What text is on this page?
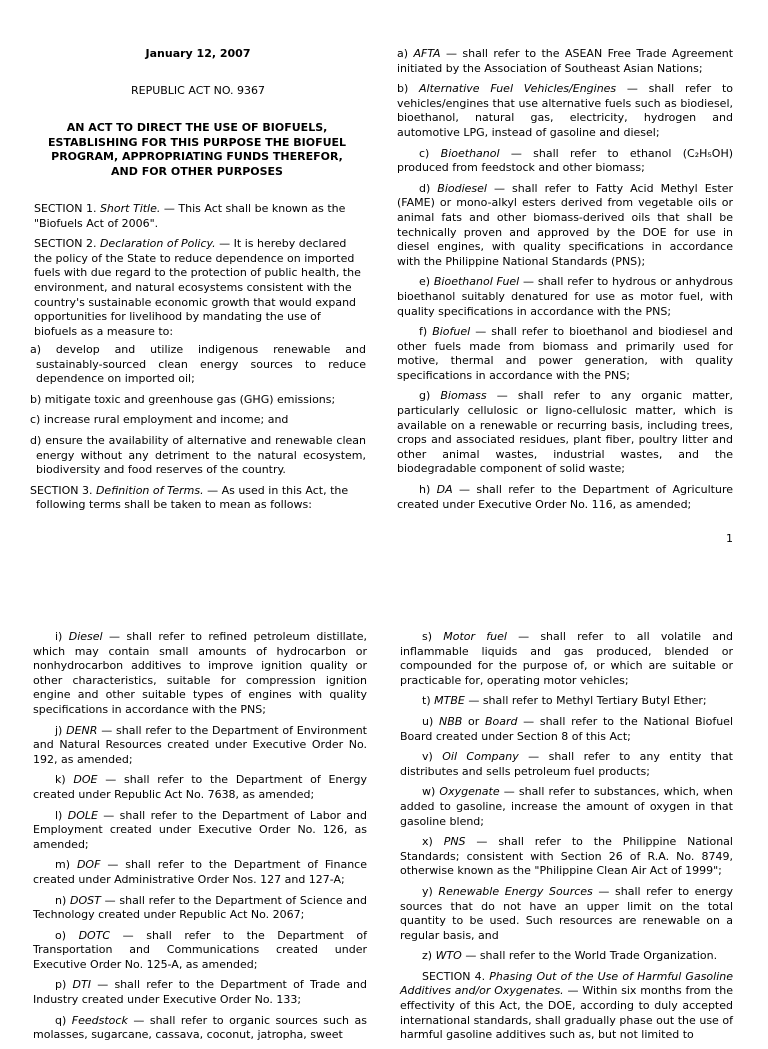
January 12, 2007

REPUBLIC ACT NO. 9367

AN ACT TO DIRECT THE USE OF BIOFUELS, ESTABLISHING FOR THIS PURPOSE THE BIOFUEL PROGRAM, APPROPRIATING FUNDS THEREFOR, AND FOR OTHER PURPOSES

SECTION 1. Short Title. — This Act shall be known as the "Biofuels Act of 2006".

SECTION 2. Declaration of Policy. — It is hereby declared the policy of the State to reduce dependence on imported fuels with due regard to the protection of public health, the environment, and natural ecosystems consistent with the country's sustainable economic growth that would expand opportunities for livelihood by mandating the use of biofuels as a measure to:

a) develop and utilize indigenous renewable and sustainably-sourced clean energy sources to reduce dependence on imported oil;

b) mitigate toxic and greenhouse gas (GHG) emissions;

c) increase rural employment and income; and

d) ensure the availability of alternative and renewable clean energy without any detriment to the natural ecosystem, biodiversity and food reserves of the country.

SECTION 3. Definition of Terms. — As used in this Act, the following terms shall be taken to mean as follows:

a) AFTA — shall refer to the ASEAN Free Trade Agreement initiated by the Association of Southeast Asian Nations;

b) Alternative Fuel Vehicles/Engines — shall refer to vehicles/engines that use alternative fuels such as biodiesel, bioethanol, natural gas, electricity, hydrogen and automotive LPG, instead of gasoline and diesel;

c) Bioethanol — shall refer to ethanol (C₂H₅OH) produced from feedstock and other biomass;

d) Biodiesel — shall refer to Fatty Acid Methyl Ester (FAME) or mono-alkyl esters derived from vegetable oils or animal fats and other biomass-derived oils that shall be technically proven and approved by the DOE for use in diesel engines, with quality specifications in accordance with the Philippine National Standards (PNS);

e) Bioethanol Fuel — shall refer to hydrous or anhydrous bioethanol suitably denatured for use as motor fuel, with quality specifications in accordance with the PNS;

f) Biofuel — shall refer to bioethanol and biodiesel and other fuels made from biomass and primarily used for motive, thermal and power generation, with quality specifications in accordance with the PNS;

g) Biomass — shall refer to any organic matter, particularly cellulosic or ligno-cellulosic matter, which is available on a renewable or recurring basis, including trees, crops and associated residues, plant fiber, poultry litter and other animal wastes, industrial wastes, and the biodegradable component of solid waste;

h) DA — shall refer to the Department of Agriculture created under Executive Order No. 116, as amended;

1

i) Diesel — shall refer to refined petroleum distillate, which may contain small amounts of hydrocarbon or nonhydrocarbon additives to improve ignition quality or other characteristics, suitable for compression ignition engine and other suitable types of engines with quality specifications in accordance with the PNS;

j) DENR — shall refer to the Department of Environment and Natural Resources created under Executive Order No. 192, as amended;

k) DOE — shall refer to the Department of Energy created under Republic Act No. 7638, as amended;

l) DOLE — shall refer to the Department of Labor and Employment created under Executive Order No. 126, as amended;

m) DOF — shall refer to the Department of Finance created under Administrative Order Nos. 127 and 127-A;

n) DOST — shall refer to the Department of Science and Technology created under Republic Act No. 2067;

o) DOTC — shall refer to the Department of Transportation and Communications created under Executive Order No. 125-A, as amended;

p) DTI — shall refer to the Department of Trade and Industry created under Executive Order No. 133;

q) Feedstock — shall refer to organic sources such as molasses, sugarcane, cassava, coconut, jatropha, sweet

s) Motor fuel — shall refer to all volatile and inflammable liquids and gas produced, blended or compounded for the purpose of, or which are suitable or practicable for, operating motor vehicles;

t) MTBE — shall refer to Methyl Tertiary Butyl Ether;

u) NBB or Board — shall refer to the National Biofuel Board created under Section 8 of this Act;

v) Oil Company — shall refer to any entity that distributes and sells petroleum fuel products;

w) Oxygenate — shall refer to substances, which, when added to gasoline, increase the amount of oxygen in that gasoline blend;

x) PNS — shall refer to the Philippine National Standards; consistent with Section 26 of R.A. No. 8749, otherwise known as the "Philippine Clean Air Act of 1999";

y) Renewable Energy Sources — shall refer to energy sources that do not have an upper limit on the total quantity to be used. Such resources are renewable on a regular basis, and

z) WTO — shall refer to the World Trade Organization.

SECTION 4. Phasing Out of the Use of Harmful Gasoline Additives and/or Oxygenates. — Within six months from the effectivity of this Act, the DOE, according to duly accepted international standards, shall gradually phase out the use of harmful gasoline additives such as, but not limited to
